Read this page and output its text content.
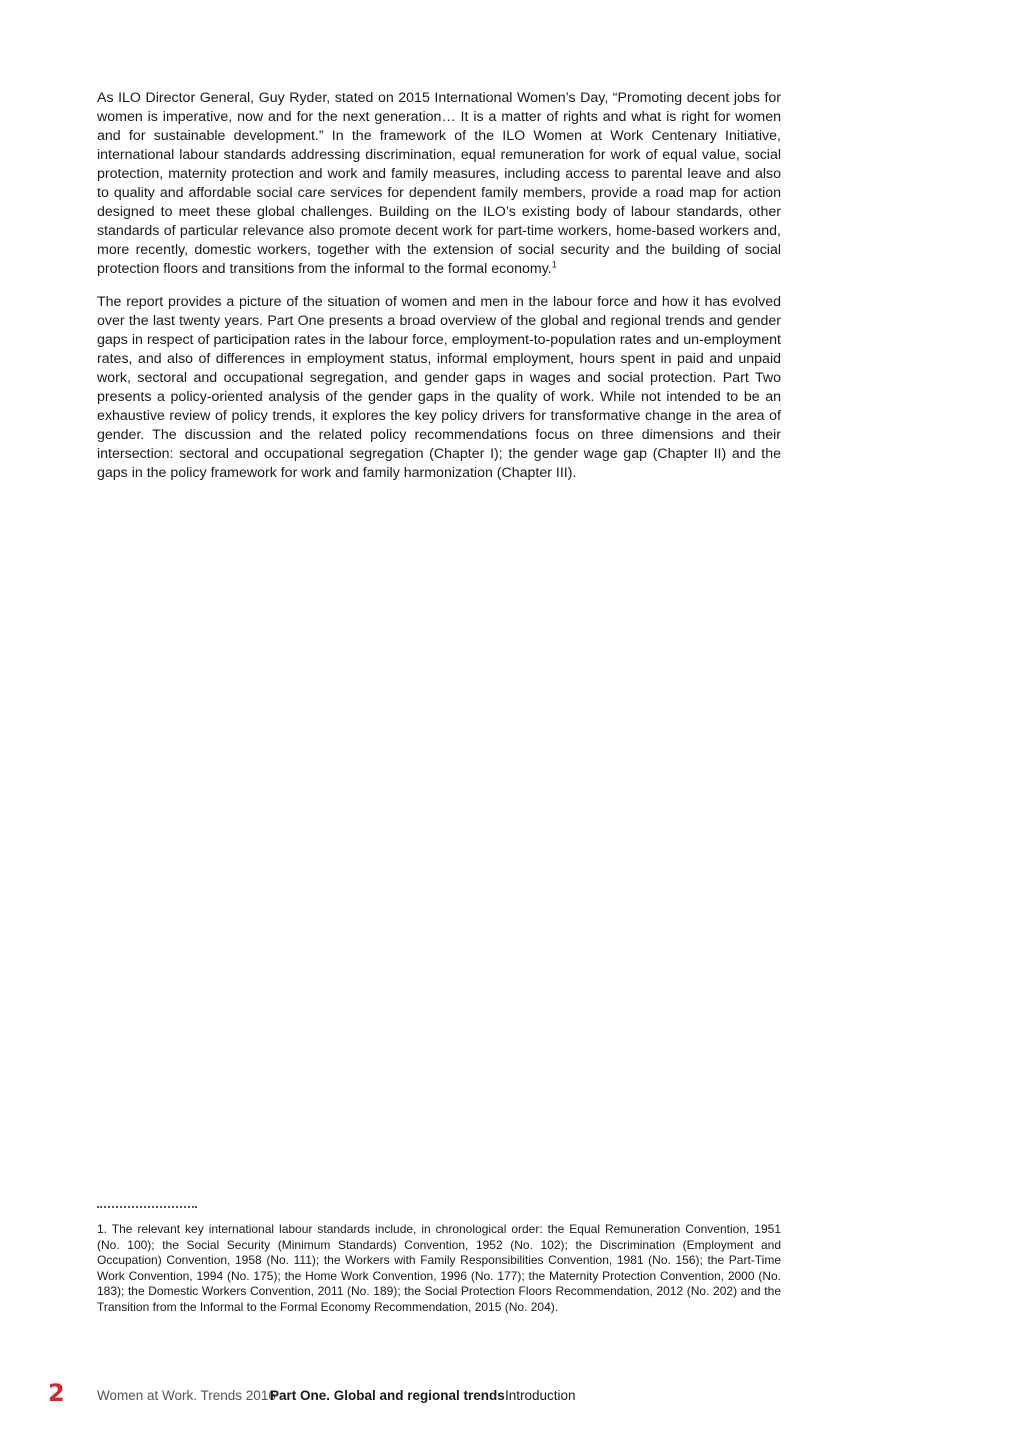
As ILO Director General, Guy Ryder, stated on 2015 International Women’s Day, “Promoting decent jobs for women is imperative, now and for the next generation… It is a matter of rights and what is right for women and for sustainable development.” In the framework of the ILO Women at Work Centenary Initiative, international labour standards addressing discrimination, equal remuneration for work of equal value, social protection, maternity protection and work and family measures, including access to parental leave and also to quality and affordable social care services for dependent family members, provide a road map for action designed to meet these global challenges. Building on the ILO’s existing body of labour standards, other standards of particular relevance also promote decent work for part-time workers, home-based workers and, more recently, domestic workers, together with the extension of social security and the building of social protection floors and transitions from the informal to the formal economy.$^1$

The report provides a picture of the situation of women and men in the labour force and how it has evolved over the last twenty years. Part One presents a broad overview of the global and regional trends and gender gaps in respect of participation rates in the labour force, employment-to-population rates and un-employment rates, and also of differences in employment status, informal employment, hours spent in paid and unpaid work, sectoral and occupational segregation, and gender gaps in wages and social protection. Part Two presents a policy-oriented analysis of the gender gaps in the quality of work. While not intended to be an exhaustive review of policy trends, it explores the key policy drivers for transformative change in the area of gender. The discussion and the related policy recommendations focus on three dimensions and their intersection: sectoral and occupational segregation (Chapter I); the gender wage gap (Chapter II) and the gaps in the policy framework for work and family harmonization (Chapter III).

1. The relevant key international labour standards include, in chronological order: the Equal Remuneration Convention, 1951 (No. 100); the Social Security (Minimum Standards) Convention, 1952 (No. 102); the Discrimination (Employment and Occupation) Convention, 1958 (No. 111); the Workers with Family Responsibilities Convention, 1981 (No. 156); the Part-Time Work Convention, 1994 (No. 175); the Home Work Convention, 1996 (No. 177); the Maternity Protection Convention, 2000 (No. 183); the Domestic Workers Convention, 2011 (No. 189); the Social Protection Floors Recommendation, 2012 (No. 202) and the Transition from the Informal to the Formal Economy Recommendation, 2015 (No. 204).

2 Women at Work. Trends 2016
Part One. Global and regional trends Introduction
